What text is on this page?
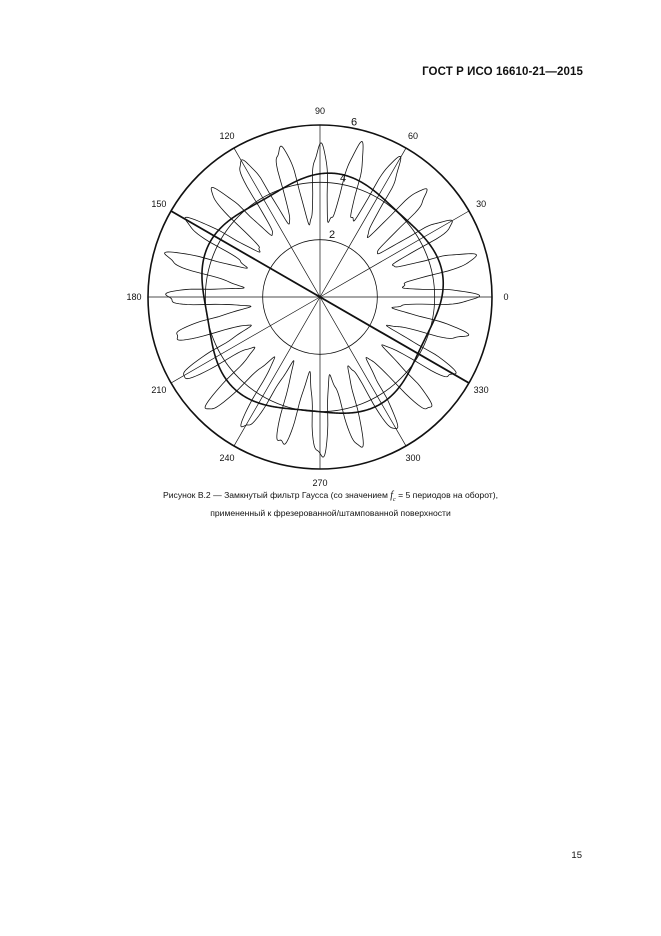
ГОСТ Р ИСО 16610-21—2015
90
60
30
0
330
300
270
240
210
180
150
120
6
4
2
Рисунок В.2 — Замкнутый фильтр Гаусса (со значением $f_c = 5$ периодов на оборот),
примененный к фрезерованной/штампованной поверхности
15
